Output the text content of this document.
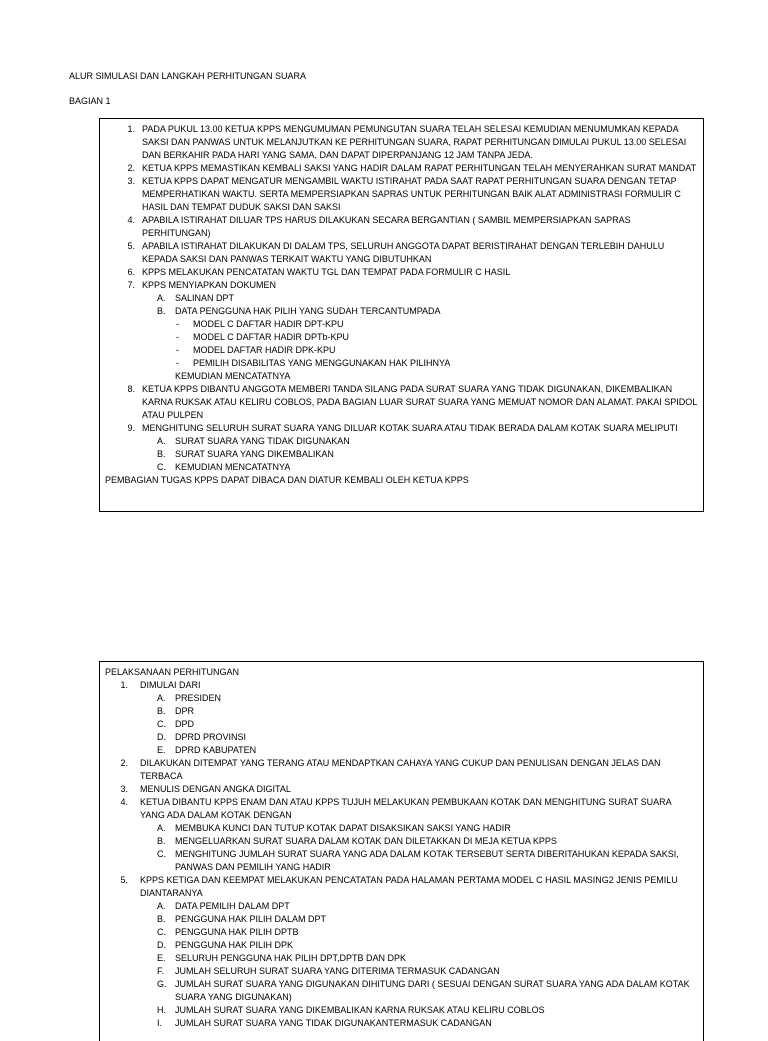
ALUR SIMULASI DAN LANGKAH PERHITUNGAN SUARA
BAGIAN 1
1. PADA PUKUL 13.00 KETUA KPPS MENGUMUMAN PEMUNGUTAN SUARA TELAH SELESAI KEMUDIAN MENUMUMKAN KEPADA SAKSI DAN PANWAS UNTUK MELANJUTKAN KE PERHITUNGAN SUARA, RAPAT PERHITUNGAN DIMULAI PUKUL 13.00 SELESAI DAN BERKAHIR PADA HARI YANG SAMA, DAN DAPAT DIPERPANJANG 12 JAM TANPA JEDA.
2. KETUA KPPS MEMASTIKAN KEMBALI SAKSI YANG HADIR DALAM RAPAT PERHITUNGAN TELAH MENYERAHKAN SURAT MANDAT
3. KETUA KPPS DAPAT MENGATUR MENGAMBIL WAKTU ISTIRAHAT PADA SAAT RAPAT PERHITUNGAN SUARA DENGAN TETAP MEMPERHATIKAN WAKTU. SERTA MEMPERSIAPKAN SAPRAS UNTUK PERHITUNGAN BAIK ALAT ADMINISTRASI FORMULIR C HASIL DAN TEMPAT DUDUK SAKSI DAN SAKSI
4. APABILA ISTIRAHAT DILUAR TPS HARUS DILAKUKAN SECARA BERGANTIAN ( SAMBIL MEMPERSIAPKAN SAPRAS PERHITUNGAN)
5. APABILA ISTIRAHAT DILAKUKAN DI DALAM TPS, SELURUH ANGGOTA DAPAT BERISTIRAHAT DENGAN TERLEBIH DAHULU KEPADA SAKSI DAN PANWAS TERKAIT WAKTU YANG DIBUTUHKAN
6. KPPS MELAKUKAN PENCATATAN WAKTU TGL DAN TEMPAT PADA FORMULIR C HASIL
7. KPPS MENYIAPKAN DOKUMEN
A. SALINAN DPT
B. DATA PENGGUNA HAK PILIH YANG SUDAH TERCANTUMPADA
- MODEL C DAFTAR HADIR DPT-KPU
- MODEL C DAFTAR HADIR DPTb-KPU
- MODEL DAFTAR HADIR DPK-KPU
- PEMILIH DISABILITAS YANG MENGGUNAKAN HAK PILIHNYA
KEMUDIAN MENCATATNYA
8. KETUA KPPS DIBANTU ANGGOTA MEMBERI TANDA SILANG PADA SURAT SUARA YANG TIDAK DIGUNAKAN, DIKEMBALIKAN KARNA RUKSAK ATAU KELIRU COBLOS, PADA BAGIAN LUAR SURAT SUARA YANG MEMUAT NOMOR DAN ALAMAT. PAKAI SPIDOL ATAU PULPEN
9. MENGHITUNG SELURUH SURAT SUARA YANG DILUAR KOTAK SUARA ATAU TIDAK BERADA DALAM KOTAK SUARA MELIPUTI
A. SURAT SUARA YANG TIDAK DIGUNAKAN
B. SURAT SUARA YANG DIKEMBALIKAN
C. KEMUDIAN MENCATATNYA
PEMBAGIAN TUGAS KPPS DAPAT DIBACA DAN DIATUR KEMBALI OLEH KETUA KPPS
PELAKSANAAN PERHITUNGAN
1. DIMULAI DARI
A. PRESIDEN
B. DPR
C. DPD
D. DPRD PROVINSI
E. DPRD KABUPATEN
2. DILAKUKAN DITEMPAT YANG TERANG ATAU MENDAPTKAN CAHAYA YANG CUKUP DAN PENULISAN DENGAN JELAS DAN TERBACA
3. MENULIS DENGAN ANGKA DIGITAL
4. KETUA DIBANTU KPPS ENAM DAN ATAU KPPS TUJUH MELAKUKAN PEMBUKAAN KOTAK DAN MENGHITUNG SURAT SUARA YANG ADA DALAM KOTAK DENGAN
A. MEMBUKA KUNCI DAN TUTUP KOTAK DAPAT DISAKSIKAN SAKSI YANG HADIR
B. MENGELUARKAN SURAT SUARA DALAM KOTAK DAN DILETAKKAN DI MEJA KETUA KPPS
C. MENGHITUNG JUMLAH SURAT SUARA YANG ADA DALAM KOTAK TERSEBUT SERTA DIBERITAHUKAN KEPADA SAKSI, PANWAS DAN PEMILIH YANG HADIR
5. KPPS KETIGA DAN KEEMPAT MELAKUKAN PENCATATAN PADA HALAMAN PERTAMA MODEL C HASIL MASING2 JENIS PEMILU DIANTARANYA
A. DATA PEMILIH DALAM DPT
B. PENGGUNA HAK PILIH DALAM DPT
C. PENGGUNA HAK PILIH DPTB
D. PENGGUNA HAK PILIH DPK
E. SELURUH PENGGUNA HAK PILIH DPT,DPTB DAN DPK
F. JUMLAH SELURUH SURAT SUARA YANG DITERIMA TERMASUK CADANGAN
G. JUMLAH SURAT SUARA YANG DIGUNAKAN DIHITUNG DARI ( SESUAI DENGAN SURAT SUARA YANG ADA DALAM KOTAK SUARA YANG DIGUNAKAN)
H. JUMLAH SURAT SUARA YANG DIKEMBALIKAN KARNA RUKSAK ATAU KELIRU COBLOS
I. JUMLAH SURAT SUARA YANG TIDAK DIGUNAKANTERMASUK CADANGAN
